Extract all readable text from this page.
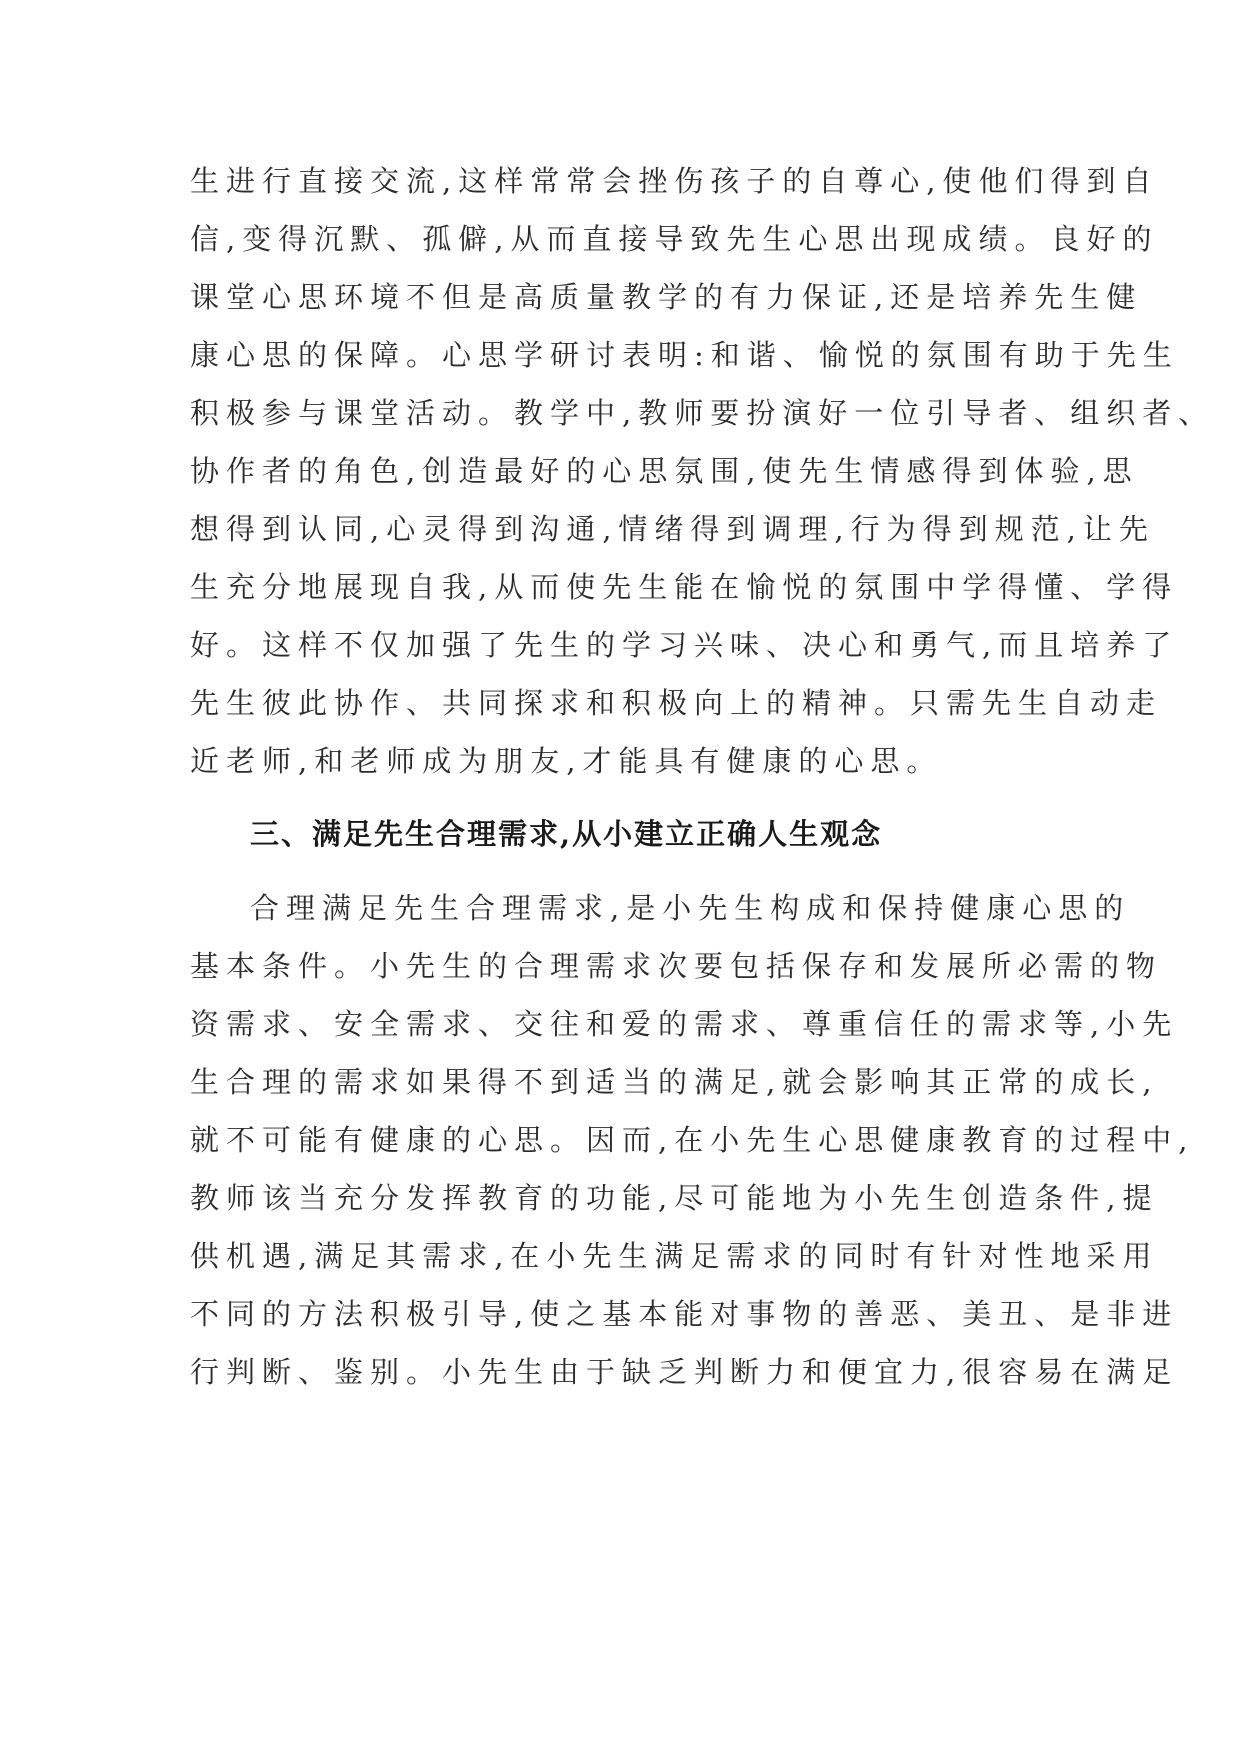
生进行直接交流,这样常常会挫伤孩子的自尊心,使他们得到自
信,变得沉默、孤僻,从而直接导致先生心思出现成绩。良好的
课堂心思环境不但是高质量教学的有力保证,还是培养先生健
康心思的保障。心思学研讨表明:和谐、愉悦的氛围有助于先生
积极参与课堂活动。教学中,教师要扮演好一位引导者、组织者、
协作者的角色,创造最好的心思氛围,使先生情感得到体验,思
想得到认同,心灵得到沟通,情绪得到调理,行为得到规范,让先
生充分地展现自我,从而使先生能在愉悦的氛围中学得懂、学得
好。这样不仅加强了先生的学习兴味、决心和勇气,而且培养了
先生彼此协作、共同探求和积极向上的精神。只需先生自动走
近老师,和老师成为朋友,才能具有健康的心思。
三、满足先生合理需求,从小建立正确人生观念
合理满足先生合理需求,是小先生构成和保持健康心思的
基本条件。小先生的合理需求次要包括保存和发展所必需的物
资需求、安全需求、交往和爱的需求、尊重信任的需求等,小先
生合理的需求如果得不到适当的满足,就会影响其正常的成长,
就不可能有健康的心思。因而,在小先生心思健康教育的过程中,
教师该当充分发挥教育的功能,尽可能地为小先生创造条件,提
供机遇,满足其需求,在小先生满足需求的同时有针对性地采用
不同的方法积极引导,使之基本能对事物的善恶、美丑、是非进
行判断、鉴别。小先生由于缺乏判断力和便宜力,很容易在满足
